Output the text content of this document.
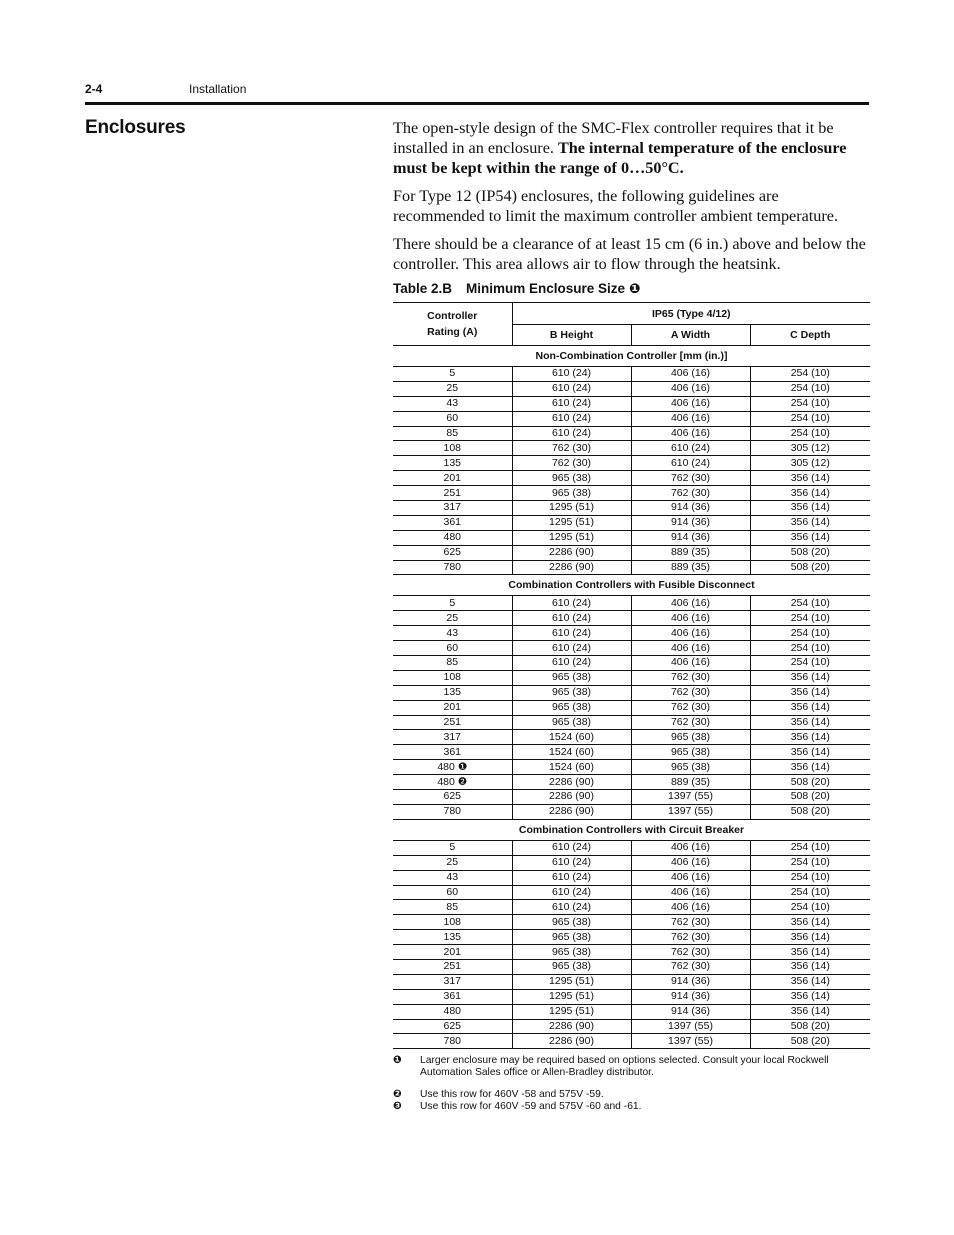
2-4	Installation
Enclosures	The open-style design of the SMC-Flex controller requires that it be installed in an enclosure. The internal temperature of the enclosure must be kept within the range of 0…50°C.

For Type 12 (IP54) enclosures, the following guidelines are recommended to limit the maximum controller ambient temperature.

There should be a clearance of at least 15 cm (6 in.) above and below the controller. This area allows air to flow through the heatsink.

Table 2.B Minimum Enclosure Size ❶
Controller
Rating (A)	IP65 (Type 4/12)		
	B Height	A Width	C Depth
Non-Combination Controller [mm (in.)]			
5	610 (24)	406 (16)	254 (10)
25	610 (24)	406 (16)	254 (10)
43	610 (24)	406 (16)	254 (10)
60	610 (24)	406 (16)	254 (10)
85	610 (24)	406 (16)	254 (10)
108	762 (30)	610 (24)	305 (12)
135	762 (30)	610 (24)	305 (12)
201	965 (38)	762 (30)	356 (14)
251	965 (38)	762 (30)	356 (14)
317	1295 (51)	914 (36)	356 (14)
361	1295 (51)	914 (36)	356 (14)
480	1295 (51)	914 (36)	356 (14)
625	2286 (90)	889 (35)	508 (20)
780	2286 (90)	889 (35)	508 (20)
Combination Controllers with Fusible Disconnect			
5	610 (24)	406 (16)	254 (10)
25	610 (24)	406 (16)	254 (10)
43	610 (24)	406 (16)	254 (10)
60	610 (24)	406 (16)	254 (10)
85	610 (24)	406 (16)	254 (10)
108	965 (38)	762 (30)	356 (14)
135	965 (38)	762 (30)	356 (14)
201	965 (38)	762 (30)	356 (14)
251	965 (38)	762 (30)	356 (14)
317	1524 (60)	965 (38)	356 (14)
361	1524 (60)	965 (38)	356 (14)
480 ❶	1524 (60)	965 (38)	356 (14)
480 ❷	2286 (90)	889 (35)	508 (20)
625	2286 (90)	1397 (55)	508 (20)
780	2286 (90)	1397 (55)	508 (20)
Combination Controllers with Circuit Breaker			
5	610 (24)	406 (16)	254 (10)
25	610 (24)	406 (16)	254 (10)
43	610 (24)	406 (16)	254 (10)
60	610 (24)	406 (16)	254 (10)
85	610 (24)	406 (16)	254 (10)
108	965 (38)	762 (30)	356 (14)
135	965 (38)	762 (30)	356 (14)
201	965 (38)	762 (30)	356 (14)
251	965 (38)	762 (30)	356 (14)
317	1295 (51)	914 (36)	356 (14)
361	1295 (51)	914 (36)	356 (14)
480	1295 (51)	914 (36)	356 (14)
625	2286 (90)	1397 (55)	508 (20)
780	2286 (90)	1397 (55)	508 (20)
❶ Larger enclosure may be required based on options selected. Consult your local Rockwell Automation Sales office or Allen-Bradley distributor.
❷ Use this row for 460V -58 and 575V -59.
❸ Use this row for 460V -59 and 575V -60 and -61.
